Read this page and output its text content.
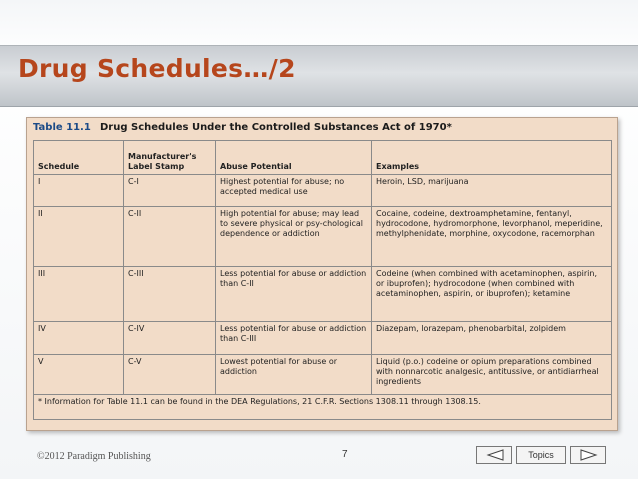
Drug Schedules…/2
Table 11.1 Drug Schedules Under the Controlled Substances Act of 1970*
Schedule	Manufacturer's Label Stamp	Abuse Potential	Examples
I	C-I	Highest potential for abuse; no accepted medical use	Heroin, LSD, marijuana
II	C-II	High potential for abuse; may lead to severe physical or psy-chological dependence or addiction	Cocaine, codeine, dextroamphetamine, fentanyl, hydrocodone, hydromorphone, levorphanol, meperidine, methylphenidate, morphine, oxycodone, racemorphan
III	C-III	Less potential for abuse or addiction than C-II	Codeine (when combined with acetaminophen, aspirin, or ibuprofen); hydrocodone (when combined with acetaminophen, aspirin, or ibuprofen); ketamine
IV	C-IV	Less potential for abuse or addiction than C-III	Diazepam, lorazepam, phenobarbital, zolpidem
V	C-V	Lowest potential for abuse or addiction	Liquid (p.o.) codeine or opium preparations combined with nonnarcotic analgesic, antitussive, or antidiarrheal ingredients
* Information for Table 11.1 can be found in the DEA Regulations, 21 C.F.R. Sections 1308.11 through 1308.15.			
©2012 Paradigm Publishing	7	Topics
